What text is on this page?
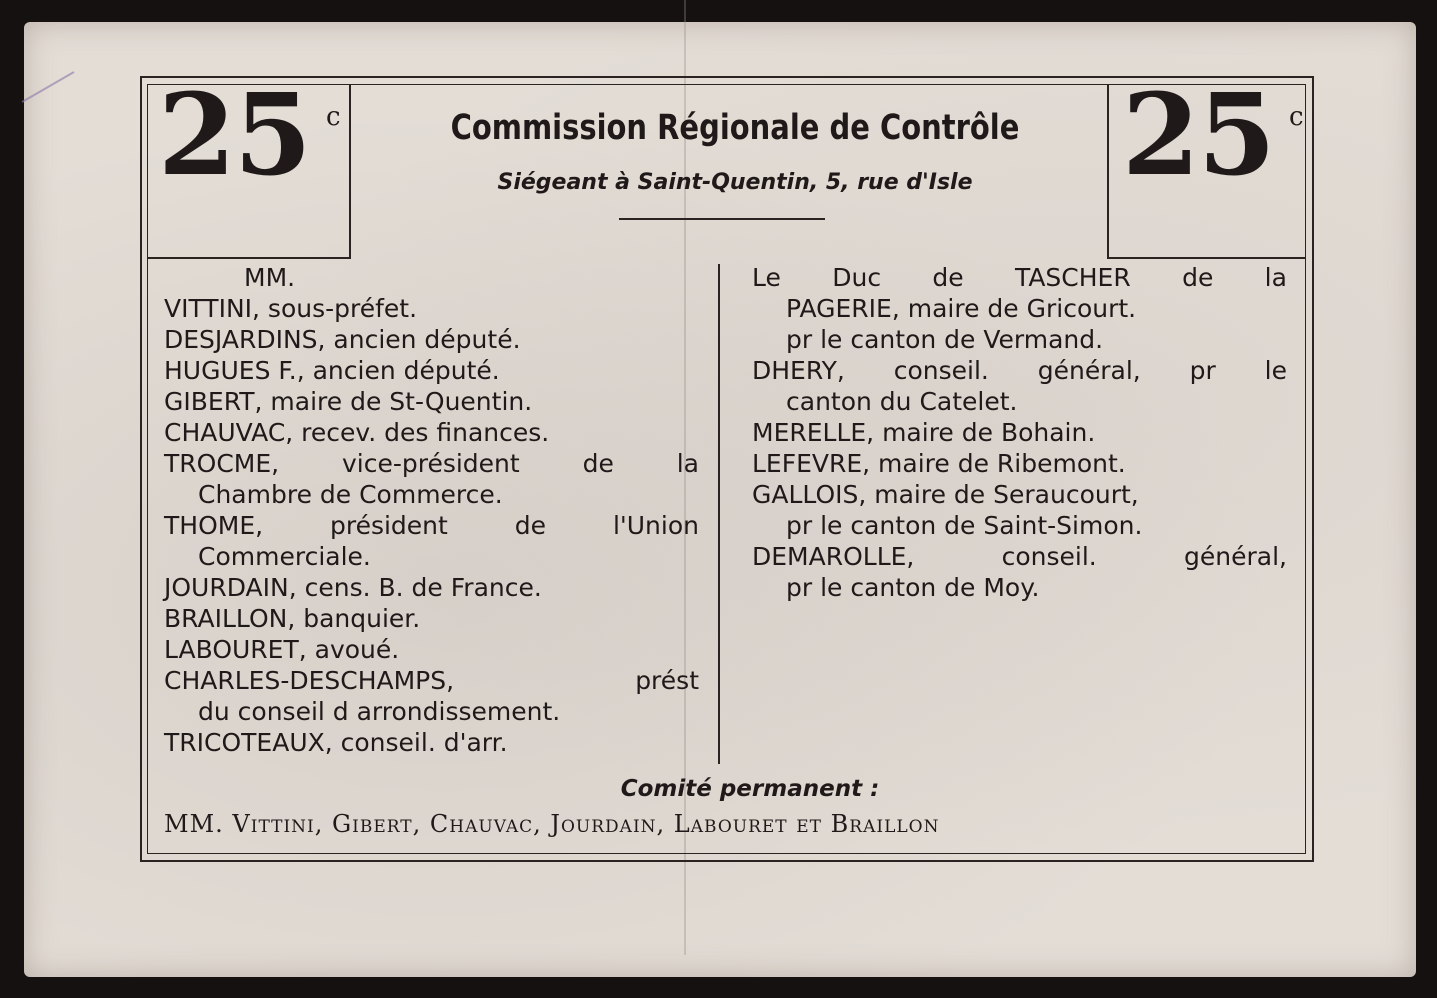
25 c	25 c
Commission Régionale de Contrôle
Siégeant à Saint-Quentin, 5, rue d'Isle
MM.
VITTINI, sous-préfet.
DESJARDINS, ancien député.
HUGUES F., ancien député.
GIBERT, maire de St-Quentin.
CHAUVAC, recev. des finances.
TROCME,	vice-président	de	la
Chambre de Commerce.
THOME,	président	de	l'Union
Commerciale.
JOURDAIN, cens. B. de France.
BRAILLON, banquier.
LABOURET, avoué.
CHARLES-DESCHAMPS,	prést
du conseil d arrondissement.
TRICOTEAUX, conseil. d'arr.
Le Duc de TASCHER de la
PAGERIE, maire de Gricourt.
pr le canton de Vermand.
DHERY, conseil. général, pr le
canton du Catelet.
MERELLE, maire de Bohain.
LEFEVRE, maire de Ribemont.
GALLOIS, maire de Seraucourt,
pr le canton de Saint-Simon.
DEMAROLLE,	conseil.	général,
pr le canton de Moy.
Comité permanent :
MM. Vittini, Gibert, Chauvac, Jourdain, Labouret et Braillon
